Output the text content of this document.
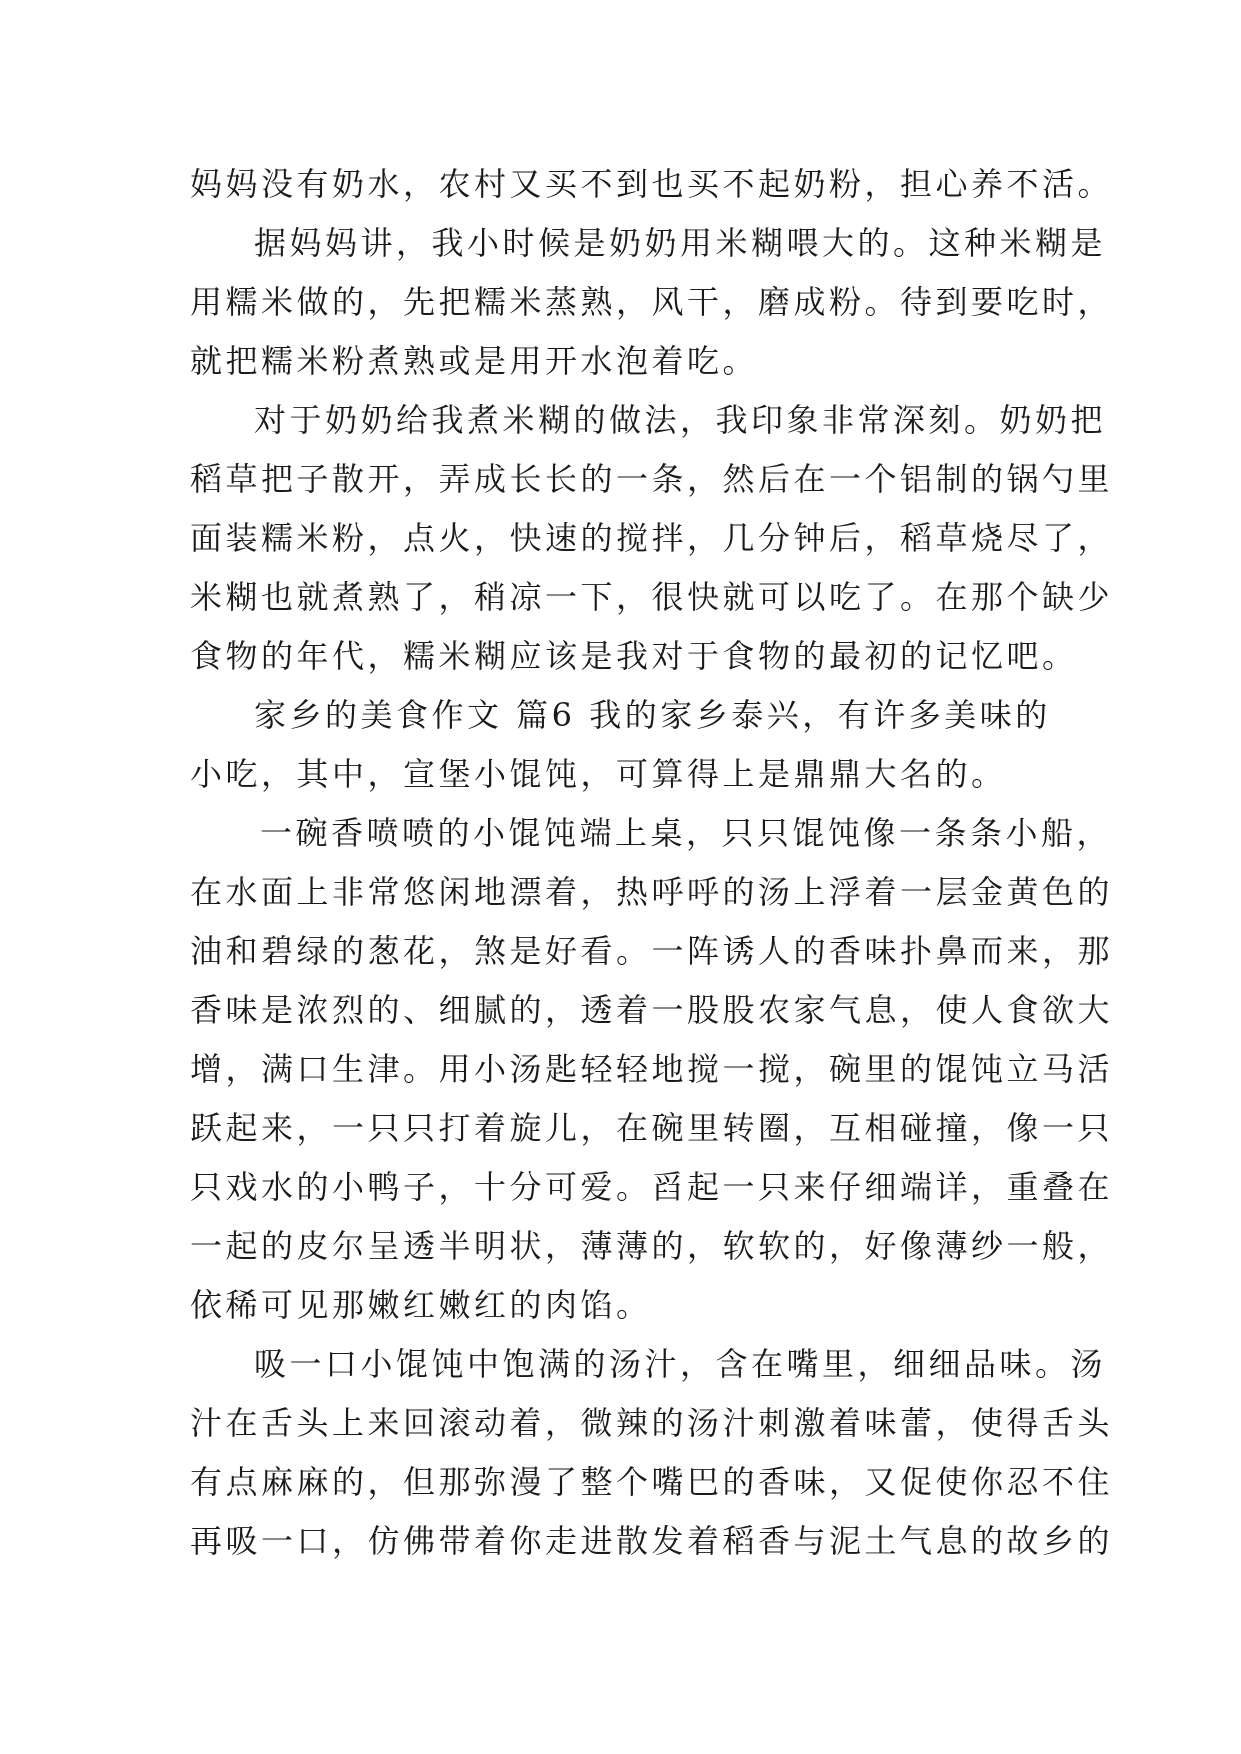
妈妈没有奶水，农村又买不到也买不起奶粉，担心养不活。
据妈妈讲，我小时候是奶奶用米糊喂大的。这种米糊是
用糯米做的，先把糯米蒸熟，风干，磨成粉。待到要吃时，
就把糯米粉煮熟或是用开水泡着吃。
对于奶奶给我煮米糊的做法，我印象非常深刻。奶奶把
稻草把子散开，弄成长长的一条，然后在一个铝制的锅勺里
面装糯米粉，点火，快速的搅拌，几分钟后，稻草烧尽了，
米糊也就煮熟了，稍凉一下，很快就可以吃了。在那个缺少
食物的年代，糯米糊应该是我对于食物的最初的记忆吧。
家乡的美食作文 篇6 我的家乡泰兴，有许多美味的
小吃，其中，宣堡小馄饨，可算得上是鼎鼎大名的。
一碗香喷喷的小馄饨端上桌，只只馄饨像一条条小船，
在水面上非常悠闲地漂着，热呼呼的汤上浮着一层金黄色的
油和碧绿的葱花，煞是好看。一阵诱人的香味扑鼻而来，那
香味是浓烈的、细腻的，透着一股股农家气息，使人食欲大
增，满口生津。用小汤匙轻轻地搅一搅，碗里的馄饨立马活
跃起来，一只只打着旋儿，在碗里转圈，互相碰撞，像一只
只戏水的小鸭子，十分可爱。舀起一只来仔细端详，重叠在
一起的皮尔呈透半明状，薄薄的，软软的，好像薄纱一般，
依稀可见那嫩红嫩红的肉馅。
吸一口小馄饨中饱满的汤汁，含在嘴里，细细品味。汤
汁在舌头上来回滚动着，微辣的汤汁刺激着味蕾，使得舌头
有点麻麻的，但那弥漫了整个嘴巴的香味，又促使你忍不住
再吸一口，仿佛带着你走进散发着稻香与泥土气息的故乡的
